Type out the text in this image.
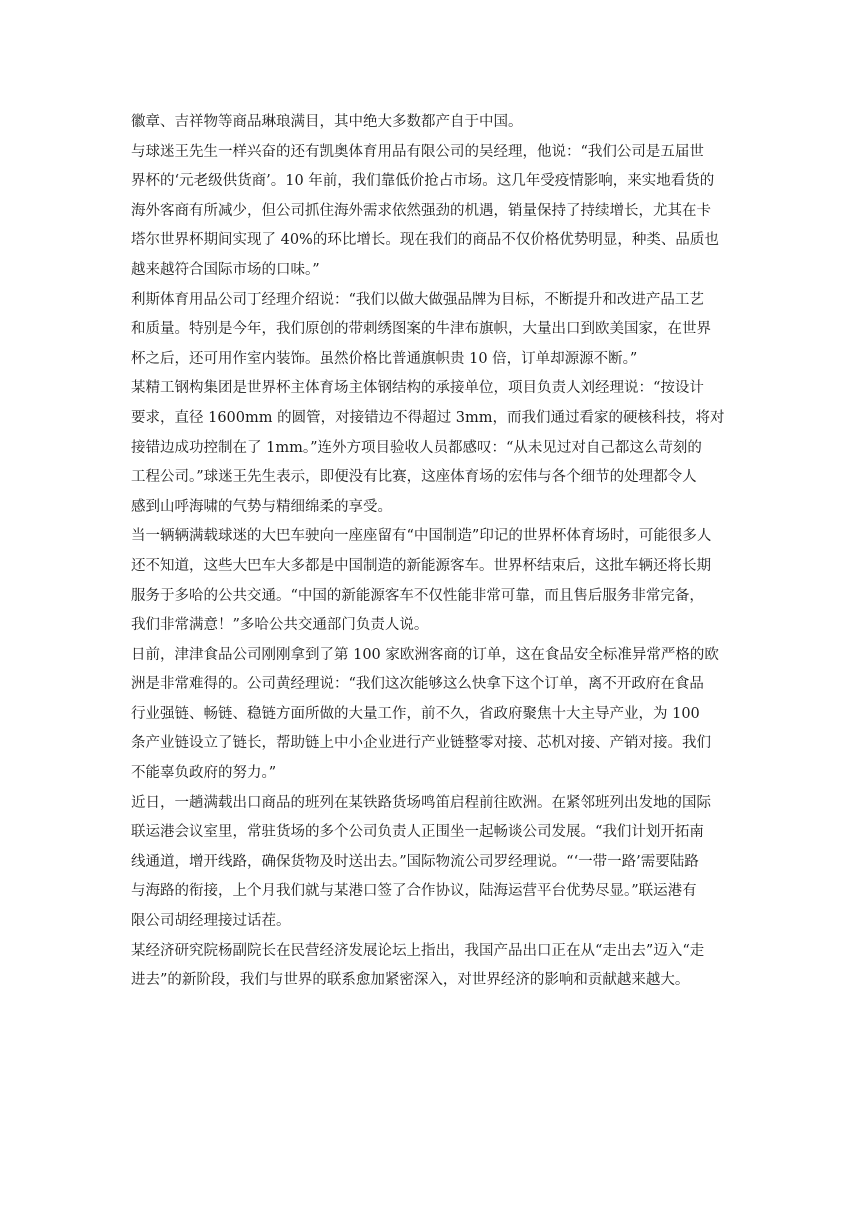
徽章、吉祥物等商品琳琅满目，其中绝大多数都产自于中国。

与球迷王先生一样兴奋的还有凯奥体育用品有限公司的吴经理，他说：“我们公司是五届世
界杯的‘元老级供货商’。10 年前，我们靠低价抢占市场。这几年受疫情影响，来实地看货的
海外客商有所减少，但公司抓住海外需求依然强劲的机遇，销量保持了持续增长，尤其在卡
塔尔世界杯期间实现了 40%的环比增长。现在我们的商品不仅价格优势明显，种类、品质也
越来越符合国际市场的口味。”

利斯体育用品公司丁经理介绍说：“我们以做大做强品牌为目标，不断提升和改进产品工艺
和质量。特别是今年，我们原创的带刺绣图案的牛津布旗帜，大量出口到欧美国家，在世界
杯之后，还可用作室内装饰。虽然价格比普通旗帜贵 10 倍，订单却源源不断。”

某精工钢构集团是世界杯主体育场主体钢结构的承接单位，项目负责人刘经理说：“按设计
要求，直径 1600mm 的圆管，对接错边不得超过 3mm，而我们通过看家的硬核科技，将对
接错边成功控制在了 1mm。”连外方项目验收人员都感叹：“从未见过对自己都这么苛刻的
工程公司。”球迷王先生表示，即便没有比赛，这座体育场的宏伟与各个细节的处理都令人
感到山呼海啸的气势与精细绵柔的享受。

当一辆辆满载球迷的大巴车驶向一座座留有“中国制造”印记的世界杯体育场时，可能很多人
还不知道，这些大巴车大多都是中国制造的新能源客车。世界杯结束后，这批车辆还将长期
服务于多哈的公共交通。“中国的新能源客车不仅性能非常可靠，而且售后服务非常完备，
我们非常满意！”多哈公共交通部门负责人说。

日前，津津食品公司刚刚拿到了第 100 家欧洲客商的订单，这在食品安全标准异常严格的欧
洲是非常难得的。公司黄经理说：“我们这次能够这么快拿下这个订单，离不开政府在食品
行业强链、畅链、稳链方面所做的大量工作，前不久，省政府聚焦十大主导产业，为 100
条产业链设立了链长，帮助链上中小企业进行产业链整零对接、芯机对接、产销对接。我们
不能辜负政府的努力。”

近日，一趟满载出口商品的班列在某铁路货场鸣笛启程前往欧洲。在紧邻班列出发地的国际
联运港会议室里，常驻货场的多个公司负责人正围坐一起畅谈公司发展。“我们计划开拓南
线通道，增开线路，确保货物及时送出去。”国际物流公司罗经理说。“‘一带一路’需要陆路
与海路的衔接，上个月我们就与某港口签了合作协议，陆海运营平台优势尽显。”联运港有
限公司胡经理接过话茬。

某经济研究院杨副院长在民营经济发展论坛上指出，我国产品出口正在从“走出去”迈入“走
进去”的新阶段，我们与世界的联系愈加紧密深入，对世界经济的影响和贡献越来越大。
